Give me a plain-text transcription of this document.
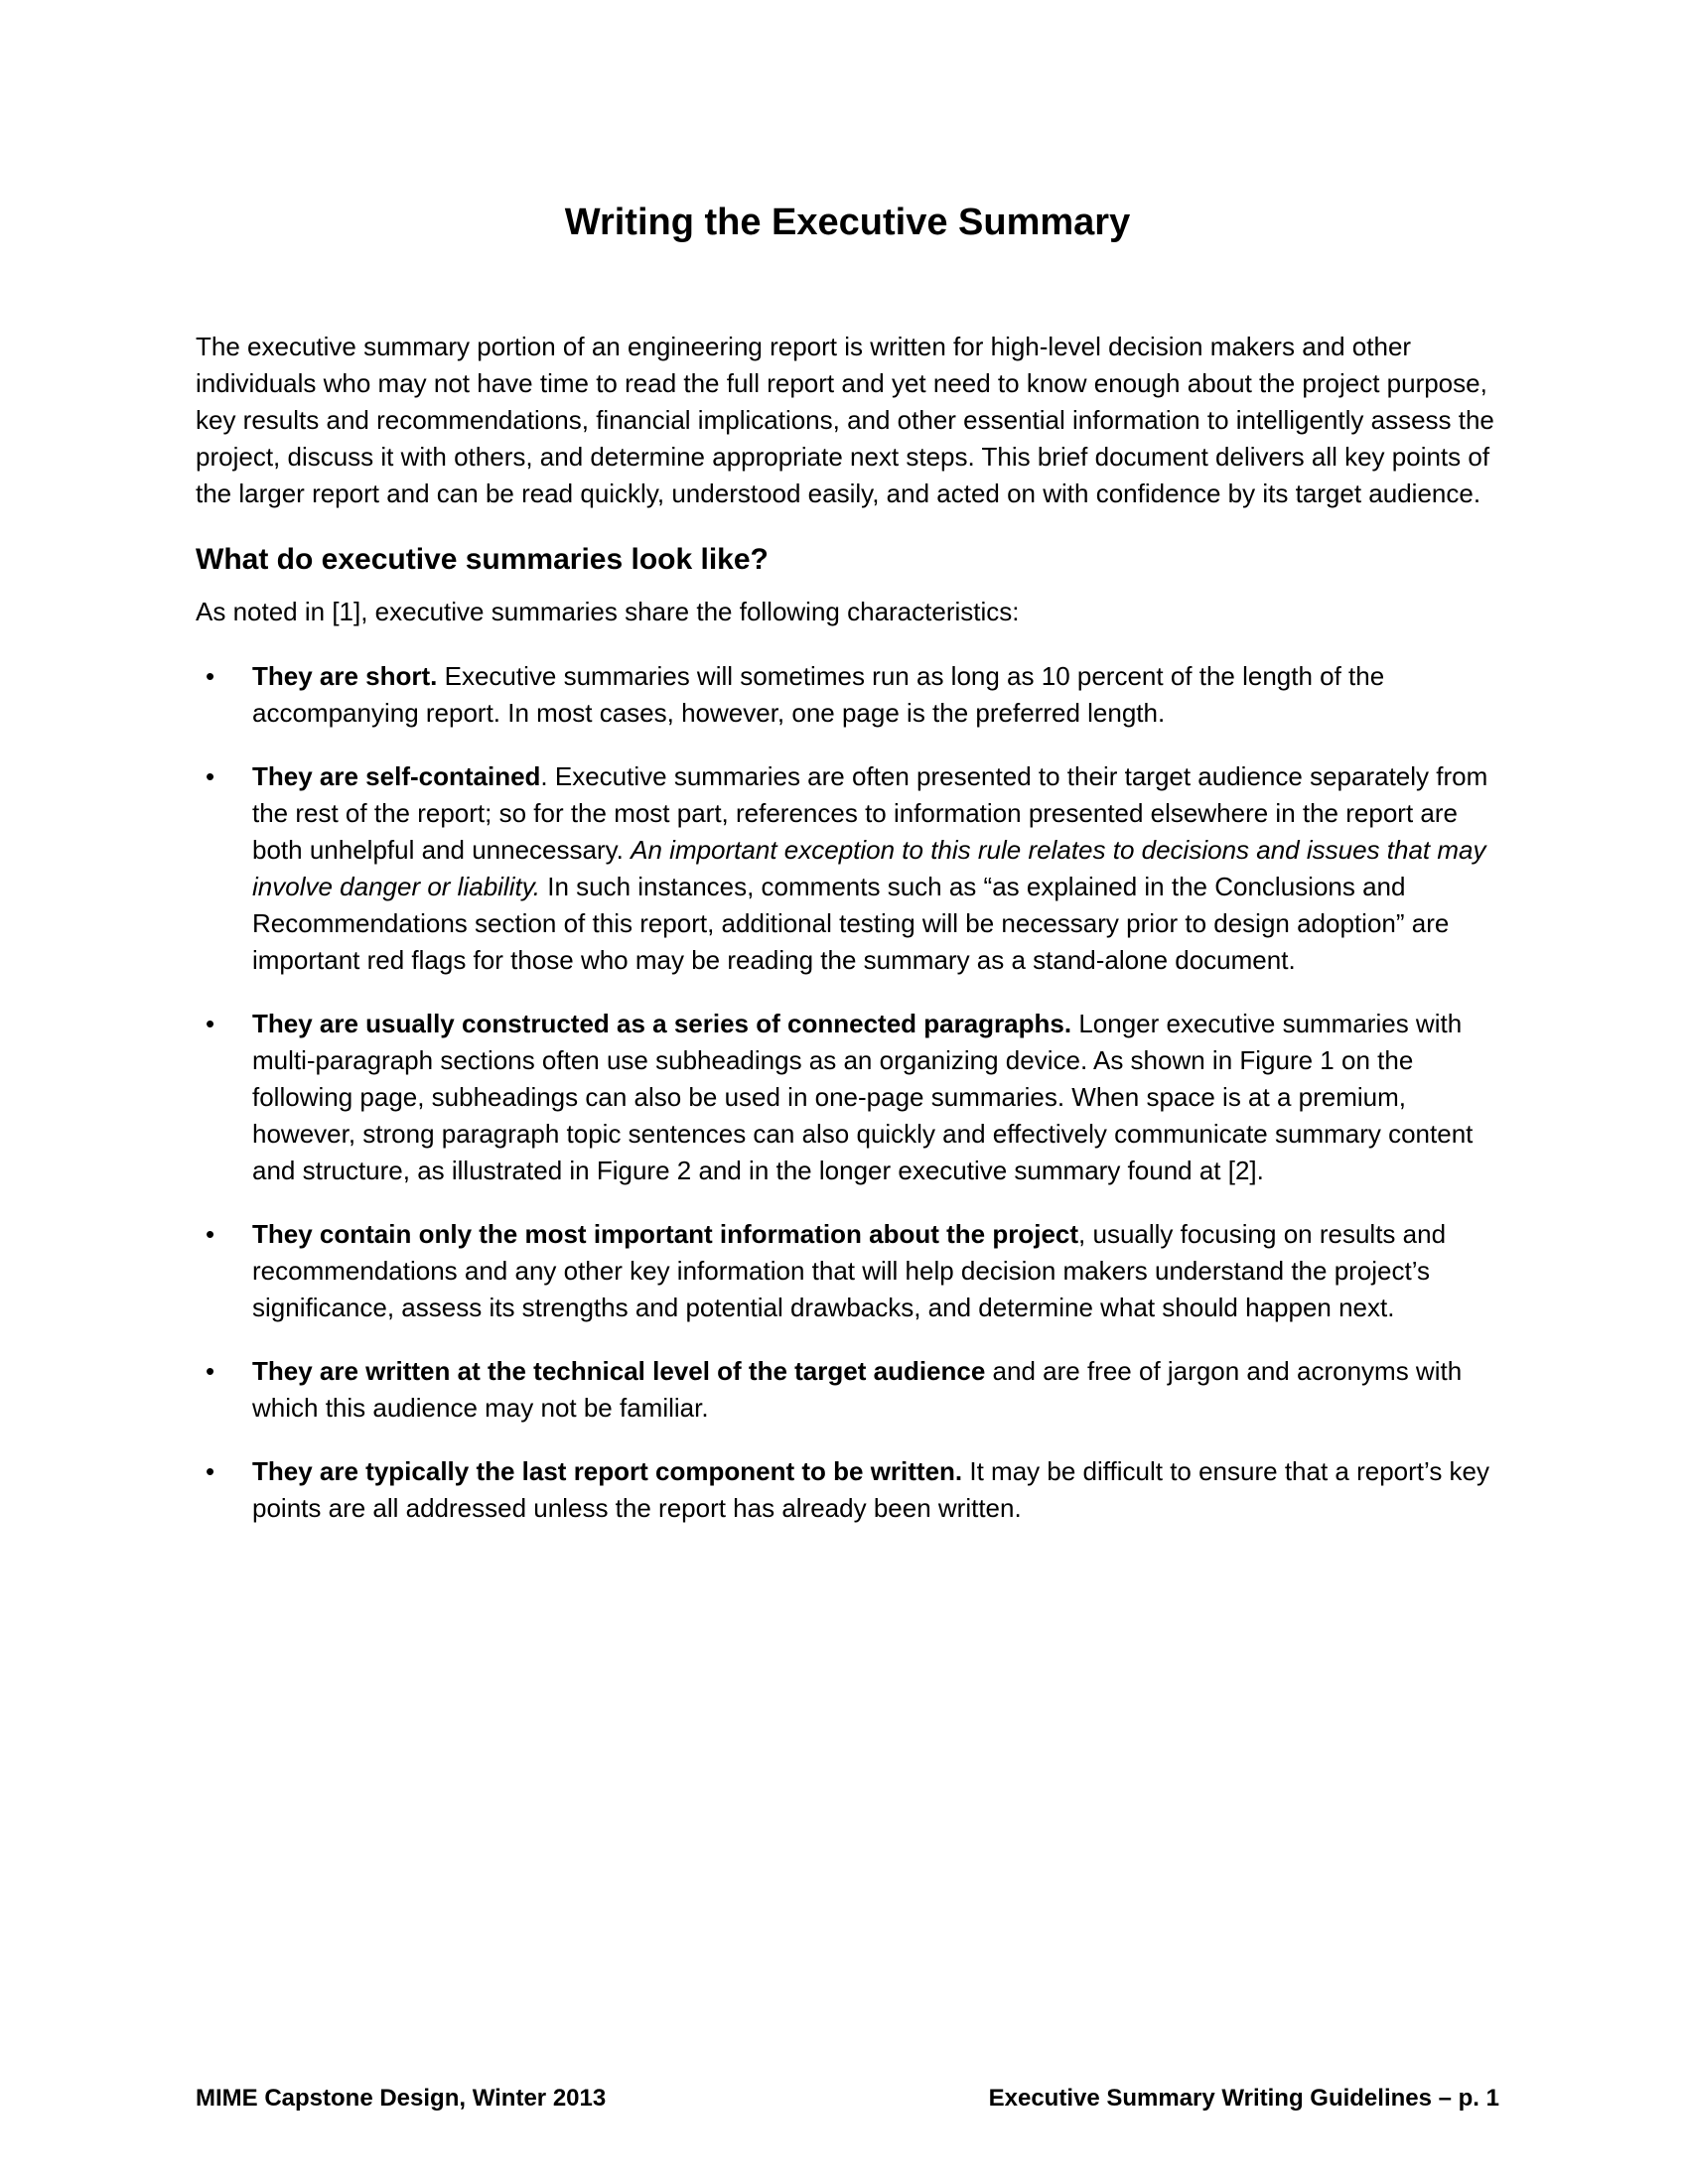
Writing the Executive Summary

The executive summary portion of an engineering report is written for high-level decision makers and other individuals who may not have time to read the full report and yet need to know enough about the project purpose, key results and recommendations, financial implications, and other essential information to intelligently assess the project, discuss it with others, and determine appropriate next steps. This brief document delivers all key points of the larger report and can be read quickly, understood easily, and acted on with confidence by its target audience.

What do executive summaries look like?

As noted in [1], executive summaries share the following characteristics:

• They are short. Executive summaries will sometimes run as long as 10 percent of the length of the accompanying report. In most cases, however, one page is the preferred length.
• They are self-contained. Executive summaries are often presented to their target audience separately from the rest of the report; so for the most part, references to information presented elsewhere in the report are both unhelpful and unnecessary. An important exception to this rule relates to decisions and issues that may involve danger or liability. In such instances, comments such as “as explained in the Conclusions and Recommendations section of this report, additional testing will be necessary prior to design adoption” are important red flags for those who may be reading the summary as a stand-alone document.
• They are usually constructed as a series of connected paragraphs. Longer executive summaries with multi-paragraph sections often use subheadings as an organizing device. As shown in Figure 1 on the following page, subheadings can also be used in one-page summaries. When space is at a premium, however, strong paragraph topic sentences can also quickly and effectively communicate summary content and structure, as illustrated in Figure 2 and in the longer executive summary found at [2].
• They contain only the most important information about the project, usually focusing on results and recommendations and any other key information that will help decision makers understand the project’s significance, assess its strengths and potential drawbacks, and determine what should happen next.
• They are written at the technical level of the target audience and are free of jargon and acronyms with which this audience may not be familiar.
• They are typically the last report component to be written. It may be difficult to ensure that a report’s key points are all addressed unless the report has already been written.
MIME Capstone Design, Winter 2013	Executive Summary Writing Guidelines – p. 1
